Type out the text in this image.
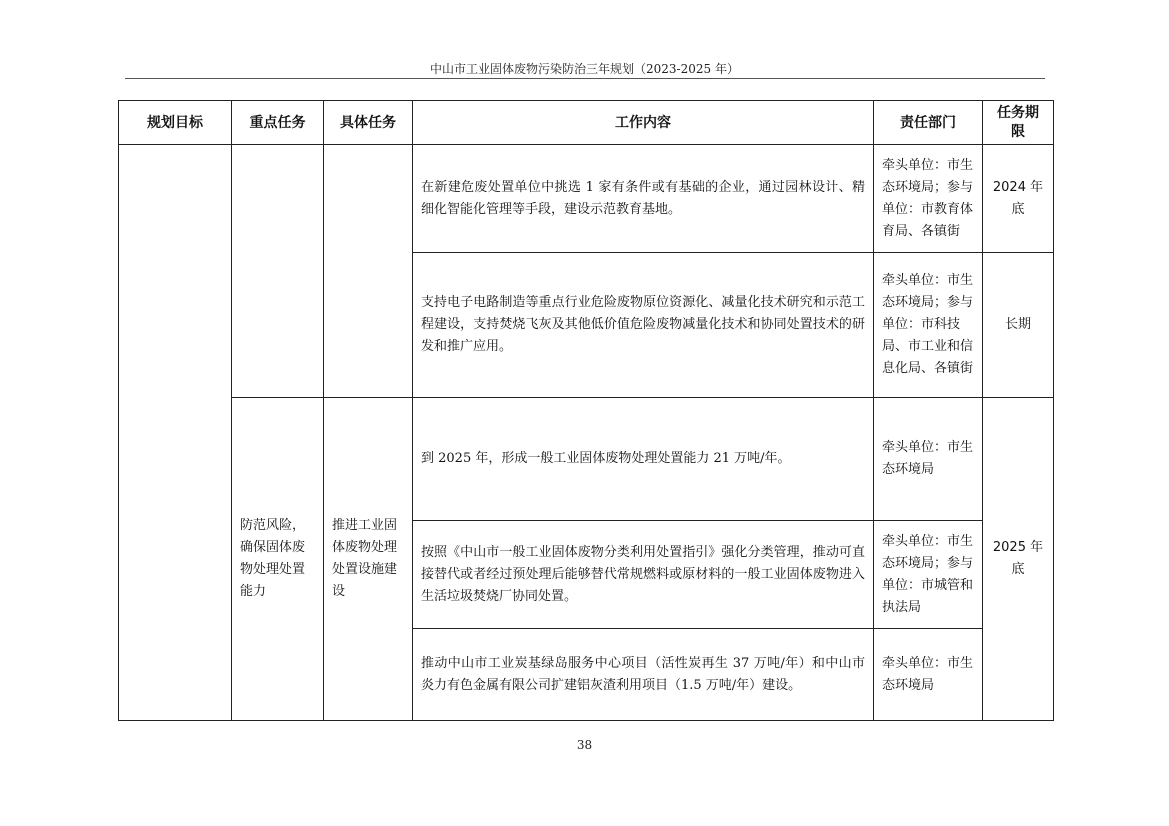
中山市工业固体废物污染防治三年规划（2023-2025 年）
规划目标	重点任务	具体任务	工作内容	责任部门	任务期限
			在新建危废处置单位中挑选 1 家有条件或有基础的企业，通过园林设计、精细化智能化管理等手段，建设示范教育基地。	牵头单位：市生态环境局；参与单位：市教育体育局、各镇街	2024 年底
			支持电子电路制造等重点行业危险废物原位资源化、减量化技术研究和示范工程建设，支持焚烧飞灰及其他低价值危险废物减量化技术和协同处置技术的研发和推广应用。	牵头单位：市生态环境局；参与单位：市科技局、市工业和信息化局、各镇街	长期
	防范风险，确保固体废物处理处置能力	推进工业固体废物处理处置设施建设	到 2025 年，形成一般工业固体废物处理处置能力 21 万吨/年。	牵头单位：市生态环境局	2025 年底
			按照《中山市一般工业固体废物分类利用处置指引》强化分类管理，推动可直接替代或者经过预处理后能够替代常规燃料或原材料的一般工业固体废物进入生活垃圾焚烧厂协同处置。	牵头单位：市生态环境局；参与单位：市城管和执法局	
			推动中山市工业炭基绿岛服务中心项目（活性炭再生 37 万吨/年）和中山市炎力有色金属有限公司扩建铝灰渣利用项目（1.5 万吨/年）建设。	牵头单位：市生态环境局	
38
